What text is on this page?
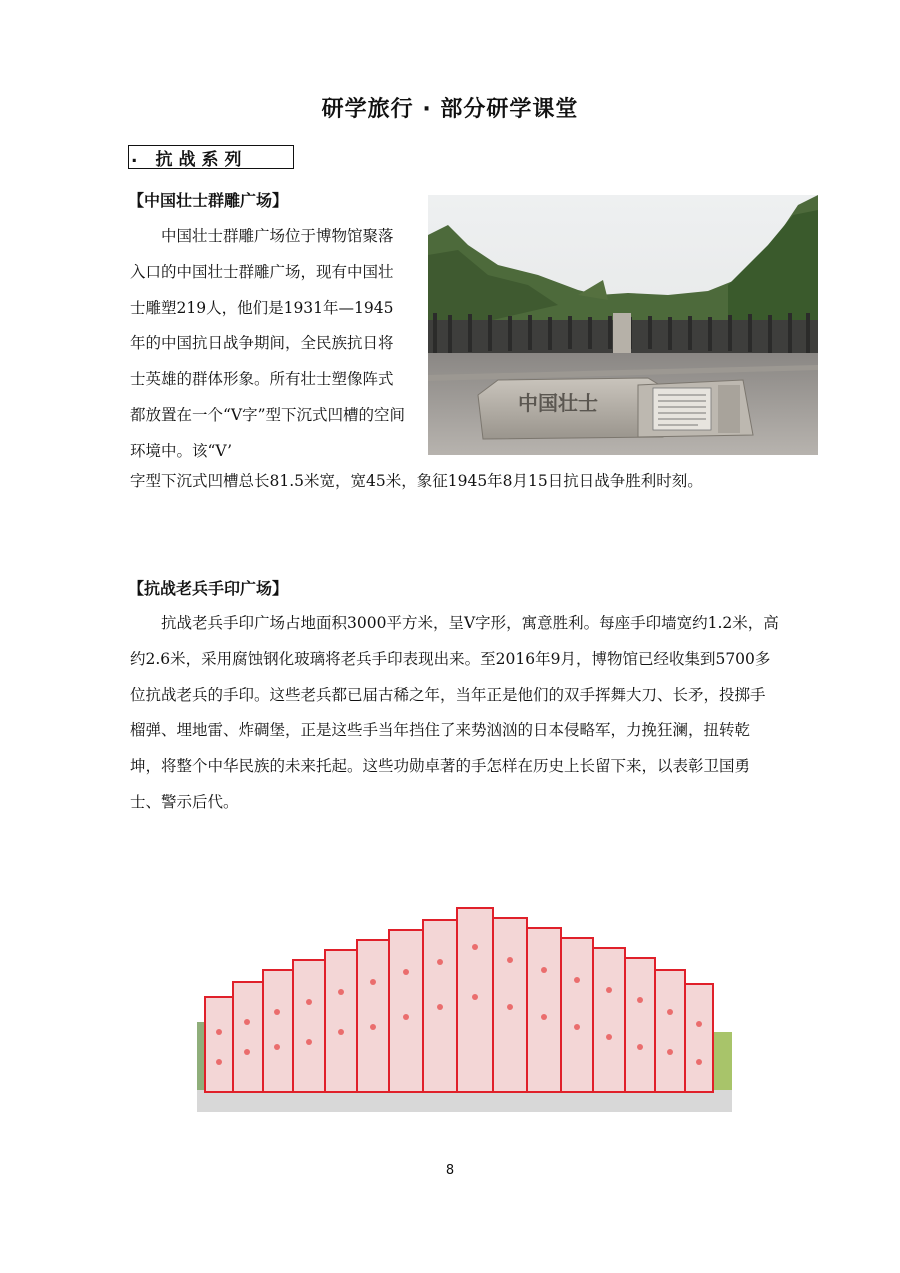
研学旅行 · 部分研学课堂
. 抗战系列
【中国壮士群雕广场】
中国壮士
中国壮士群雕广场位于博物馆聚落入口的中国壮士群雕广场，现有中国壮士雕塑219人，他们是1931年—1945年的中国抗日战争期间，全民族抗日将士英雄的群体形象。所有壮士塑像阵式都放置在一个“V字”型下沉式凹槽的空间环境中。该“V’
字型下沉式凹槽总长81.5米宽，宽45米，象征1945年8月15日抗日战争胜利时刻。
【抗战老兵手印广场】
抗战老兵手印广场占地面积3000平方米，呈V字形，寓意胜利。每座手印墙宽约1.2米，高约2.6米，采用腐蚀钢化玻璃将老兵手印表现出来。至2016年9月，博物馆已经收集到5700多位抗战老兵的手印。这些老兵都已届古稀之年，当年正是他们的双手挥舞大刀、长矛，投掷手榴弹、埋地雷、炸碉堡，正是这些手当年挡住了来势汹汹的日本侵略军，力挽狂澜，扭转乾坤，将整个中华民族的未来托起。这些功勋卓著的手怎样在历史上长留下来，以表彰卫国勇士、警示后代。
8
